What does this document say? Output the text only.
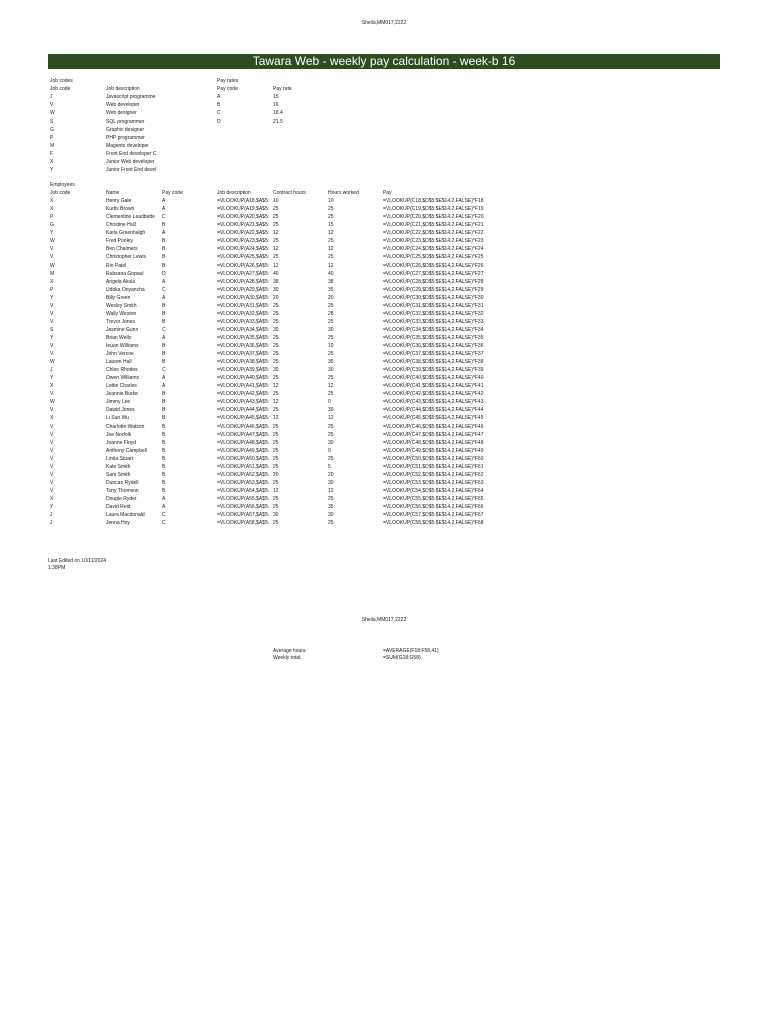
Sheila,MM017,2222
Tawara Web - weekly pay calculation - week-b 16
Job codes	Pay rates
Job code	Job description	Pay code	Pay rate
J	Javascript programme	A	15
V	Web developer	B	16
W	Web designer	C	18.4
S	SQL programmer	D	21.5
G	Graphic designer
P	PHP programmer
M	Magento developer
F	Front End developer C
X	Junior Web developer
Y	Junior Front End devel
Employees
Job code	Name	Pay code	Job description	Contract hours	Hours worked	Pay
X	Henry Gale	A	=VLOOKUP(A18,$A$5: 10	10	=VLOOKUP(C18,$D$5:$E$14,2,FALSE)*F18
X	Kurtis Brown	A	=VLOOKUP(A19,$A$5: 25	25	=VLOOKUP(C19,$D$5:$E$14,2,FALSE)*F19
P	Clementine Leadbette	C	=VLOOKUP(A20,$A$5: 25	25	=VLOOKUP(C20,$D$5:$E$14,2,FALSE)*F20
G	Christine Hull	B	=VLOOKUP(A21,$A$5: 25	15	=VLOOKUP(C21,$D$5:$E$14,2,FALSE)*F21
Y	Karla Greenhalgh	A	=VLOOKUP(A22,$A$5: 12	12	=VLOOKUP(C22,$D$5:$E$14,2,FALSE)*F22
W	Fred Pooley	B	=VLOOKUP(A23,$A$5: 25	25	=VLOOKUP(C23,$D$5:$E$14,2,FALSE)*F23
V	Ben Chalmers	B	=VLOOKUP(A24,$A$5: 12	12	=VLOOKUP(C24,$D$5:$E$14,2,FALSE)*F24
V	Christopher Lewis	B	=VLOOKUP(A25,$A$5: 25	25	=VLOOKUP(C25,$D$5:$E$14,2,FALSE)*F25
W	Rio Patel	B	=VLOOKUP(A26,$A$5: 12	12	=VLOOKUP(C26,$D$5:$E$14,2,FALSE)*F26
M	Rubsana Gopaul	D	=VLOOKUP(A27,$A$5: 40	40	=VLOOKUP(C27,$D$5:$E$14,2,FALSE)*F27
X	Angela Akula	A	=VLOOKUP(A28,$A$5: 38	38	=VLOOKUP(C28,$D$5:$E$14,2,FALSE)*F28
P	Udoka Onyancha	C	=VLOOKUP(A29,$A$5: 30	35	=VLOOKUP(C29,$D$5:$E$14,2,FALSE)*F29
Y	Billy Green	A	=VLOOKUP(A30,$A$5: 20	20	=VLOOKUP(C30,$D$5:$E$14,2,FALSE)*F30
V	Wesley Smith	B	=VLOOKUP(A31,$A$5: 25	25	=VLOOKUP(C31,$D$5:$E$14,2,FALSE)*F31
V	Wally Weston	B	=VLOOKUP(A32,$A$5: 25	28	=VLOOKUP(C32,$D$5:$E$14,2,FALSE)*F32
V	Trevor Jones	B	=VLOOKUP(A33,$A$5: 25	25	=VLOOKUP(C33,$D$5:$E$14,2,FALSE)*F33
S	Jasmine Gunn	C	=VLOOKUP(A34,$A$5: 30	30	=VLOOKUP(C34,$D$5:$E$14,2,FALSE)*F34
Y	Brian Wells	A	=VLOOKUP(A35,$A$5: 25	25	=VLOOKUP(C35,$D$5:$E$14,2,FALSE)*F35
V	Ieuan Williams	B	=VLOOKUP(A36,$A$5: 25	10	=VLOOKUP(C36,$D$5:$E$14,2,FALSE)*F36
V	John Vercoe	B	=VLOOKUP(A37,$A$5: 25	25	=VLOOKUP(C37,$D$5:$E$14,2,FALSE)*F37
W	Lauren Hall	B	=VLOOKUP(A38,$A$5: 25	35	=VLOOKUP(C38,$D$5:$E$14,2,FALSE)*F38
J	Chloe Rhodes	C	=VLOOKUP(A39,$A$5: 30	30	=VLOOKUP(C39,$D$5:$E$14,2,FALSE)*F39
Y	Owen Williams	A	=VLOOKUP(A40,$A$5: 25	25	=VLOOKUP(C40,$D$5:$E$14,2,FALSE)*F40
X	Lottie Charles	A	=VLOOKUP(A41,$A$5: 12	12	=VLOOKUP(C41,$D$5:$E$14,2,FALSE)*F41
V	Jeannie Burke	B	=VLOOKUP(A42,$A$5: 25	25	=VLOOKUP(C42,$D$5:$E$14,2,FALSE)*F42
W	Jimmy Lee	B	=VLOOKUP(A43,$A$5: 12	0	=VLOOKUP(C43,$D$5:$E$14,2,FALSE)*F43
V	Dawid Jones	B	=VLOOKUP(A44,$A$5: 25	30	=VLOOKUP(C44,$D$5:$E$14,2,FALSE)*F44
X	Li Sun Wu	B	=VLOOKUP(A45,$A$5: 12	12	=VLOOKUP(C45,$D$5:$E$14,2,FALSE)*F45
V	Charlotte Watson	B	=VLOOKUP(A46,$A$5: 25	25	=VLOOKUP(C46,$D$5:$E$14,2,FALSE)*F46
V	Joe Norfolk	B	=VLOOKUP(A47,$A$5: 25	25	=VLOOKUP(C47,$D$5:$E$14,2,FALSE)*F47
V	Joanne Floyd	B	=VLOOKUP(A48,$A$5: 25	30	=VLOOKUP(C48,$D$5:$E$14,2,FALSE)*F48
V	Anthony Campbell	B	=VLOOKUP(A49,$A$5: 25	0	=VLOOKUP(C49,$D$5:$E$14,2,FALSE)*F49
V	Linda Stuart	B	=VLOOKUP(A50,$A$5: 25	25	=VLOOKUP(C50,$D$5:$E$14,2,FALSE)*F50
V	Kate Smith	B	=VLOOKUP(A51,$A$5: 25	5	=VLOOKUP(C51,$D$5:$E$14,2,FALSE)*F51
V	Sam Smith	B	=VLOOKUP(A52,$A$5: 20	20	=VLOOKUP(C52,$D$5:$E$14,2,FALSE)*F52
V	Duncan Rydell	B	=VLOOKUP(A53,$A$5: 25	30	=VLOOKUP(C53,$D$5:$E$14,2,FALSE)*F53
V	Tony Thomson	B	=VLOOKUP(A54,$A$5: 12	12	=VLOOKUP(C54,$D$5:$E$14,2,FALSE)*F54
X	Dougie Ryder	A	=VLOOKUP(A55,$A$5: 25	25	=VLOOKUP(C55,$D$5:$E$14,2,FALSE)*F55
Y	David Reid	A	=VLOOKUP(A56,$A$5: 25	35	=VLOOKUP(C56,$D$5:$E$14,2,FALSE)*F56
J	Laura Macdonald	C	=VLOOKUP(A57,$A$5: 30	30	=VLOOKUP(C57,$D$5:$E$14,2,FALSE)*F57
J	Jenna Hoy	C	=VLOOKUP(A58,$A$5: 25	25	=VLOOKUP(C58,$D$5:$E$14,2,FALSE)*F58
Last Edited on 10/11/2024
1:38PM
Sheila,MM017,2222
Average hours:	=AVERAGE(F18:F58,41)
Weekly total:	=SUM(G18:G58)
